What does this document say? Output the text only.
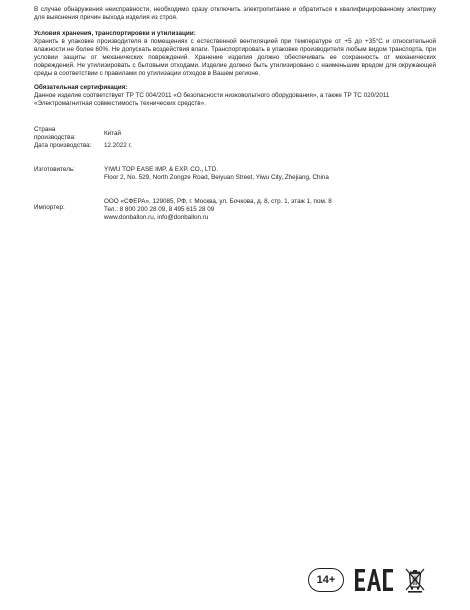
В случае обнаружения неисправности, необходимо сразу отключить электропитание и обратиться к квалифицированному электрику для выяснения причин выхода изделия из строя.

Условия хранения, транспортировки и утилизации:

Хранить в упаковке производителя в помещениях с естественной вентиляцией при температуре от +5 до +35°С и относительной влажности не более 60%. Не допускать воздействия влаги. Транспортировать в упаковке производителя любым видом транспорта, при условии защиты от механических повреждений. Хранение изделия должно обеспечивать ее сохранность от механических повреждений. Не утилизировать с бытовыми отходами. Изделие должно быть утилизировано с наименьшим вредом для окружающей среды в соответствии с правилами по утилизации отходов в Вашем регионе.

Обязательная сертификация:

Данное изделие соответствует ТР ТС 004/2011 «О безопасности низковольтного оборудования», а также ТР ТС 020/2011 «Электромагнитная совместимость технических средств».

Страна
производства:	Китай
Дата производства:	12.2022 г.

Изготовитель:	YIWU TOP EASE IMP. & EXP. CO., LTD.
Floor 2, No. 529, North Zongze Road, Beiyuan Street, Yiwu City, Zhejiang, China

Импортер:	ООО «СФЕРА», 129085, РФ, г. Москва, ул. Бочкова, д. 8, стр. 1, этаж 1, пом. 8
Тел.: 8 800 200 28 09, 8 495 615 28 09
www.donballon.ru, info@donballon.ru
14+
